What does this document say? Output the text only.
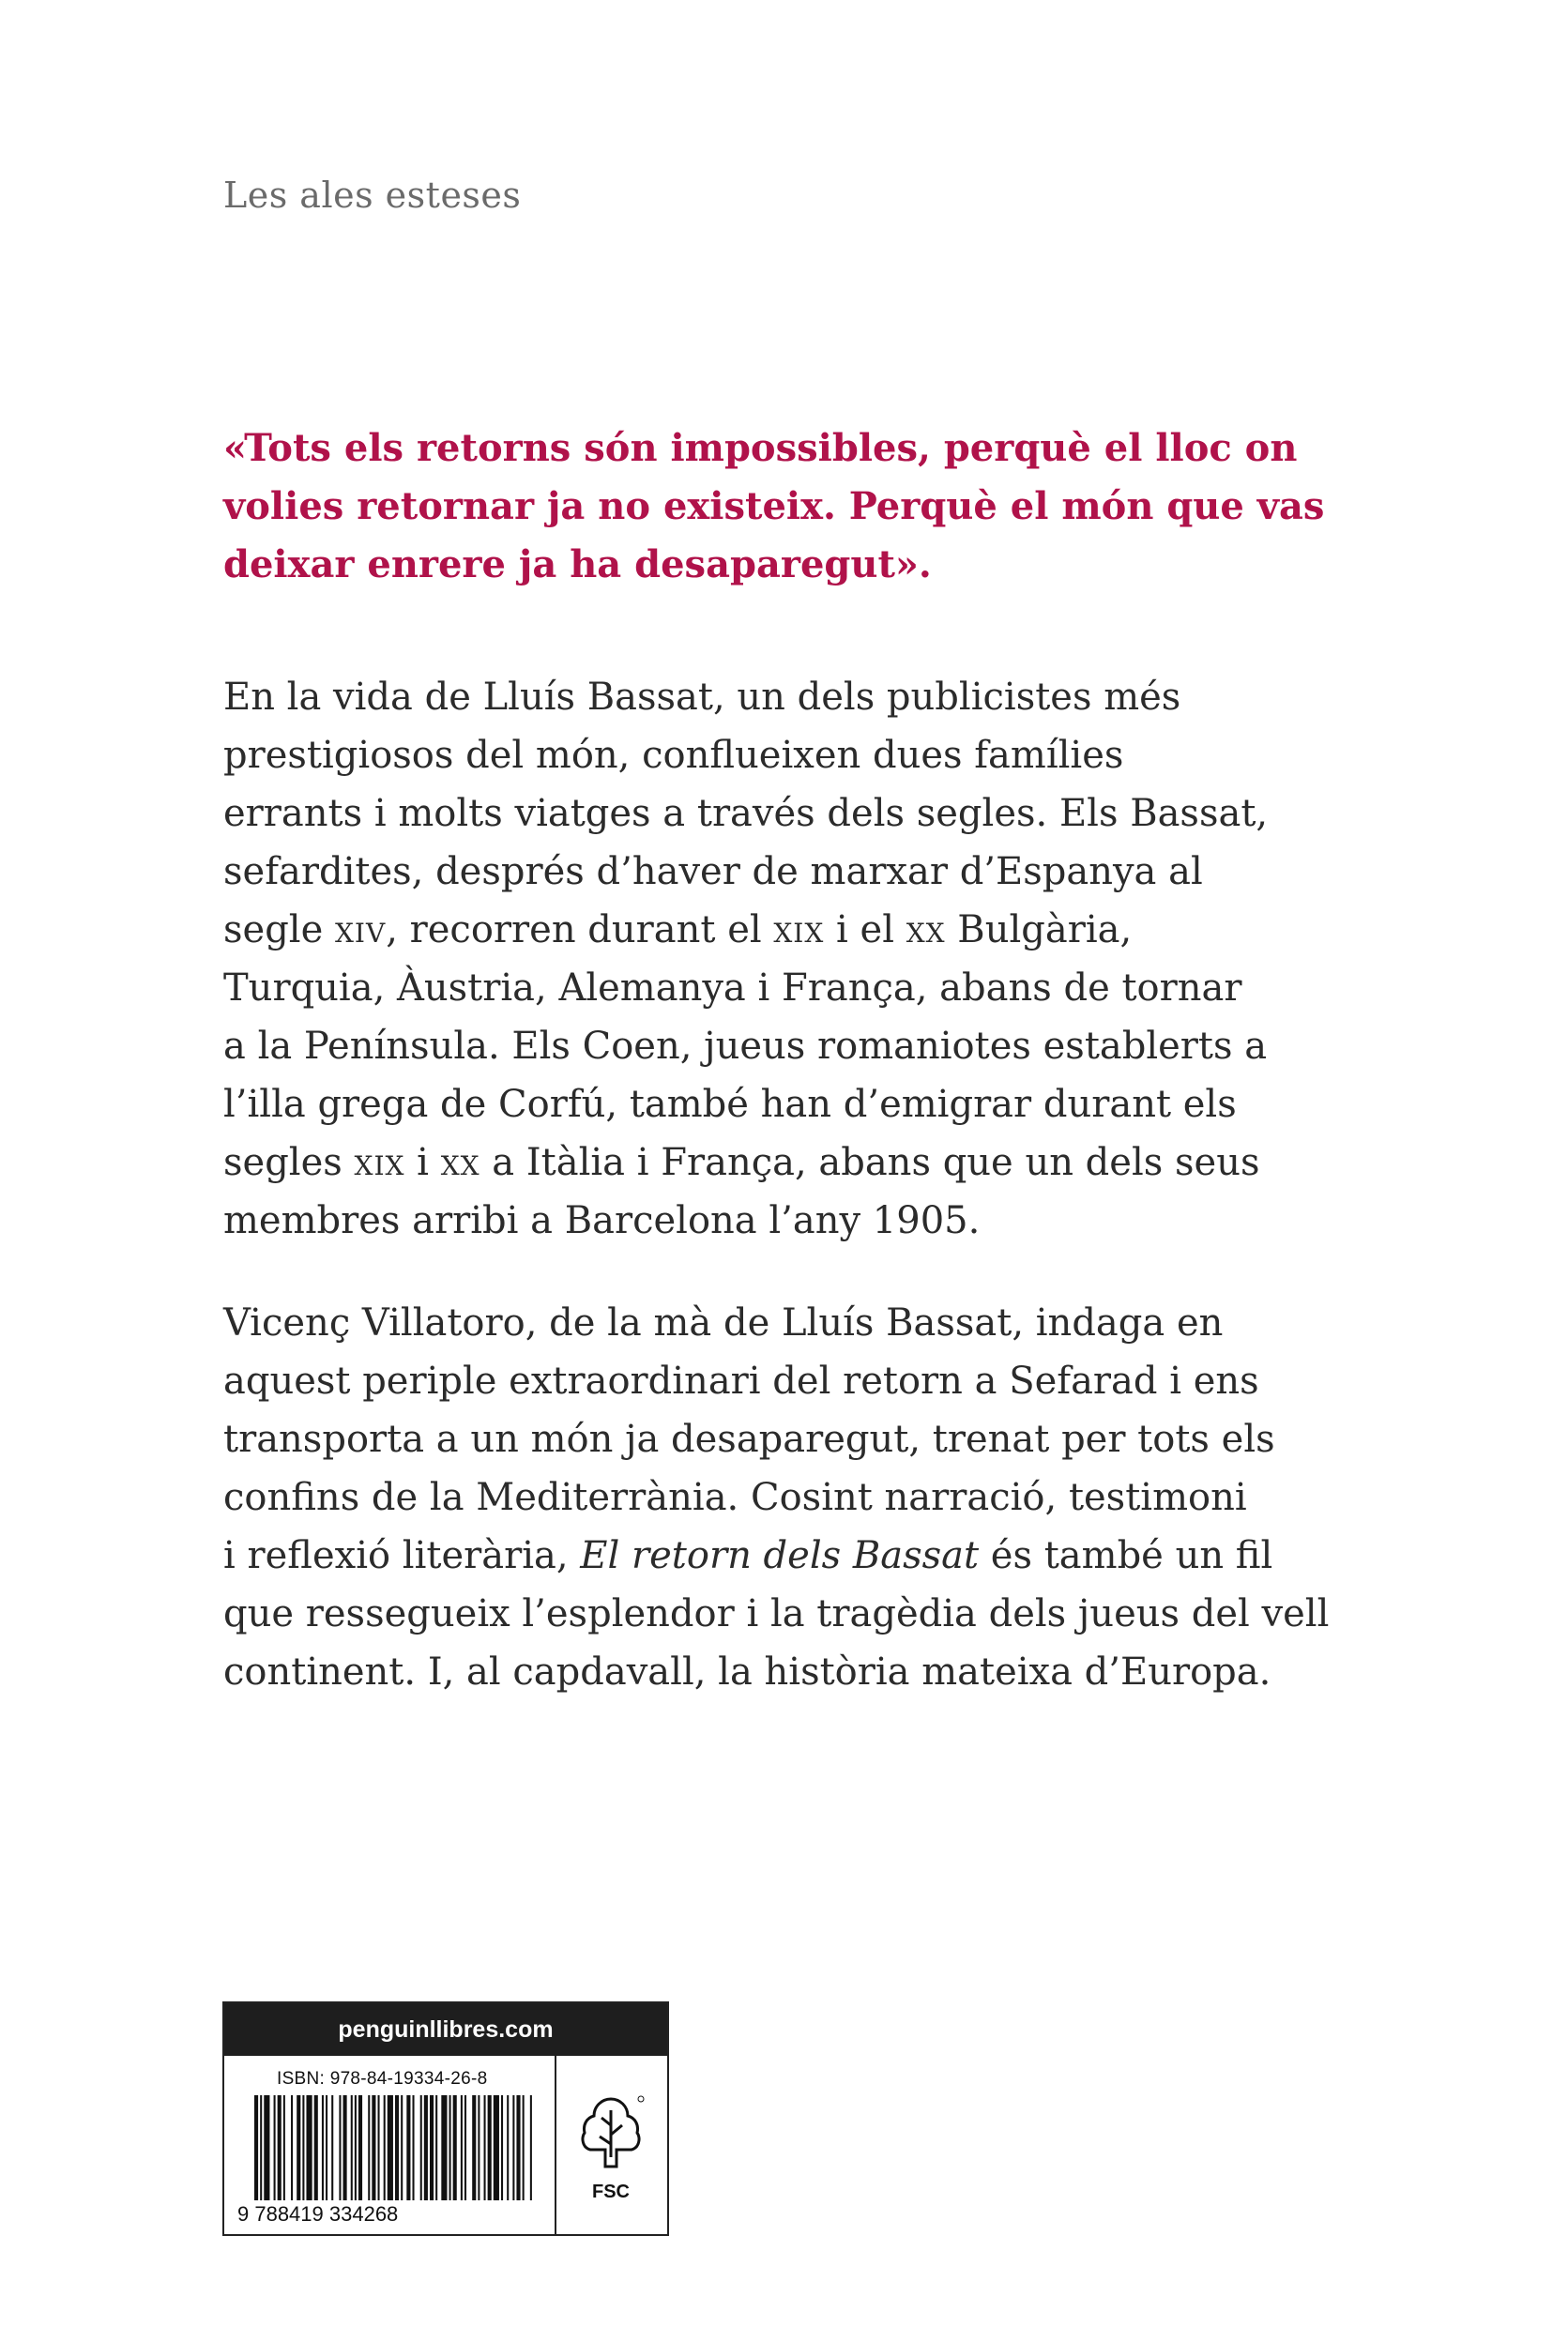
Les ales esteses
«Tots els retorns són impossibles, perquè el lloc on
volies retornar ja no existeix. Perquè el món que vas
deixar enrere ja ha desaparegut».
En la vida de Lluís Bassat, un dels publicistes més
prestigiosos del món, conflueixen dues famílies
errants i molts viatges a través dels segles. Els Bassat,
sefardites, després d’haver de marxar d’Espanya al
segle xiv, recorren durant el xix i el xx Bulgària,
Turquia, Àustria, Alemanya i França, abans de tornar
a la Península. Els Coen, jueus romaniotes establerts a
l’illa grega de Corfú, també han d’emigrar durant els
segles xix i xx a Itàlia i França, abans que un dels seus
membres arribi a Barcelona l’any 1905.
Vicenç Villatoro, de la mà de Lluís Bassat, indaga en
aquest periple extraordinari del retorn a Sefarad i ens
transporta a un món ja desaparegut, trenat per tots els
confins de la Mediterrània. Cosint narració, testimoni
i reflexió literària, El retorn dels Bassat és també un fil
que ressegueix l’esplendor i la tragèdia dels jueus del vell
continent. I, al capdavall, la història mateixa d’Europa.
penguinllibres.com
ISBN: 978-84-19334-26-8
9 788419 334268
FSC
